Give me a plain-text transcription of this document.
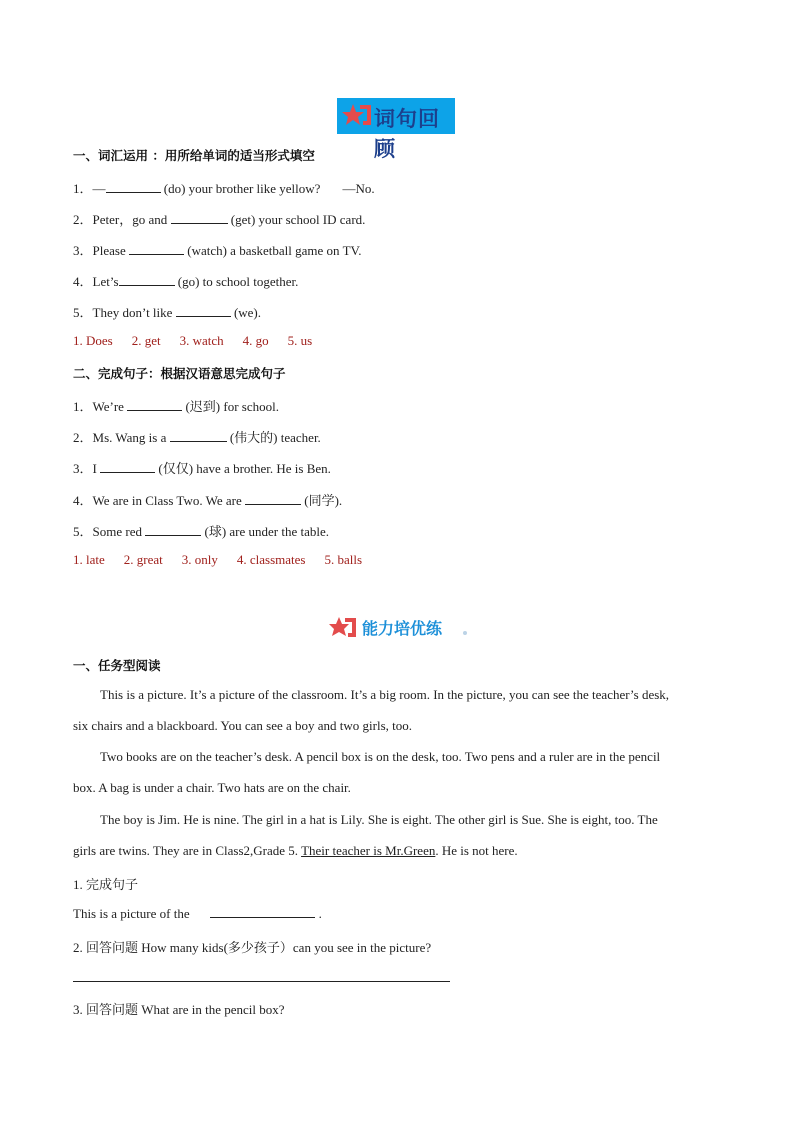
词句回顾
一、词汇运用 ：用所给单词的适当形式填空
1．—	(do) your brother like yellow? —No.
2．Peter，go and	(get) your school ID card.
3．Please	(watch) a basketball game on TV.
4．Let’s	(go) to school together.
5．They don’t like	(we).
1. Does 2. get 3. watch 4. go 5. us
二、完成句子：根据汉语意思完成句子
1．We’re	(迟到) for school.
2．Ms. Wang is a	(伟大的) teacher.
3．I	(仅仅) have a brother. He is Ben.
4．We are in Class Two. We are	(同学).
5．Some red	(球) are under the table.
1. late 2. great 3. only 4. classmates 5. balls
能力培优练
一、任务型阅读
This is a picture. It’s a picture of the classroom. It’s a big room. In the picture, you can see the teacher’s desk,
six chairs and a blackboard. You can see a boy and two girls, too.
Two books are on the teacher’s desk. A pencil box is on the desk, too. Two pens and a ruler are in the pencil
box. A bag is under a chair. Two hats are on the chair.
The boy is Jim. He is nine. The girl in a hat is Lily. She is eight. The other girl is Sue. She is eight, too. The
girls are twins. They are in Class2,Grade 5. Their teacher is Mr.Green. He is not here.
1. 完成句子
This is a picture of the	.
2. 回答问题 How many kids(多少孩子）can you see in the picture?
3. 回答问题 What are in the pencil box?
